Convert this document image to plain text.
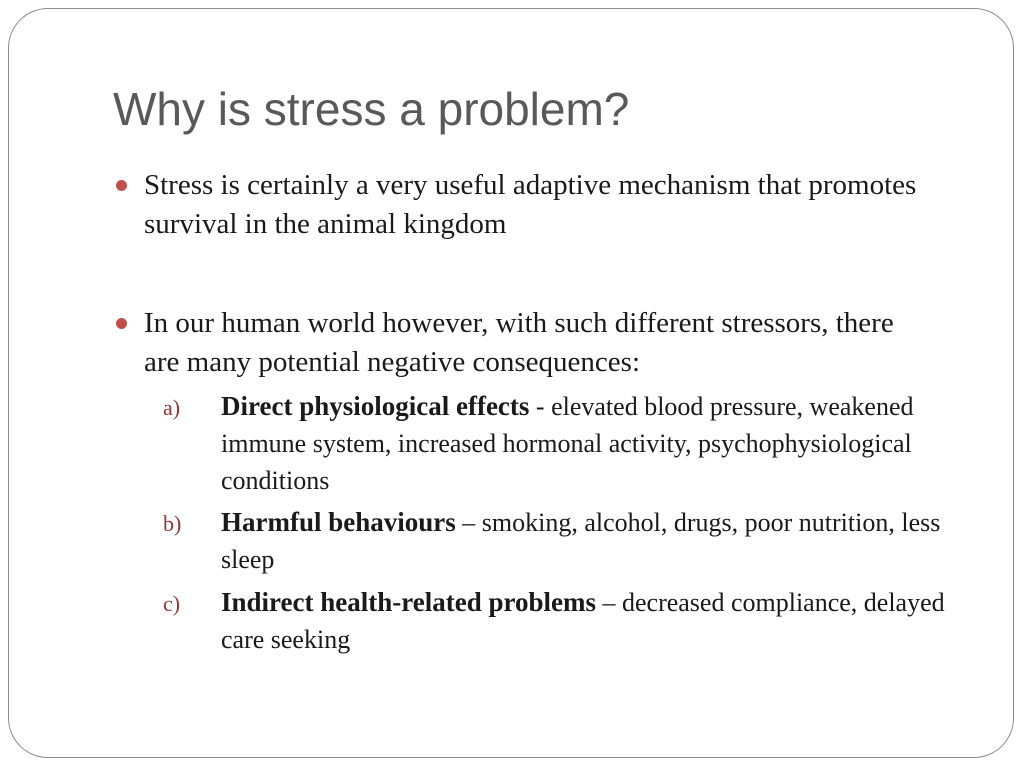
Why is stress a problem?
Stress is certainly a very useful adaptive mechanism that promotes survival in the animal kingdom
In our human world however, with such different stressors, there are many potential negative consequences:
a) Direct physiological effects - elevated blood pressure, weakened immune system, increased hormonal activity, psychophysiological conditions
b) Harmful behaviours – smoking, alcohol, drugs, poor nutrition, less sleep
c) Indirect health-related problems – decreased compliance, delayed care seeking
